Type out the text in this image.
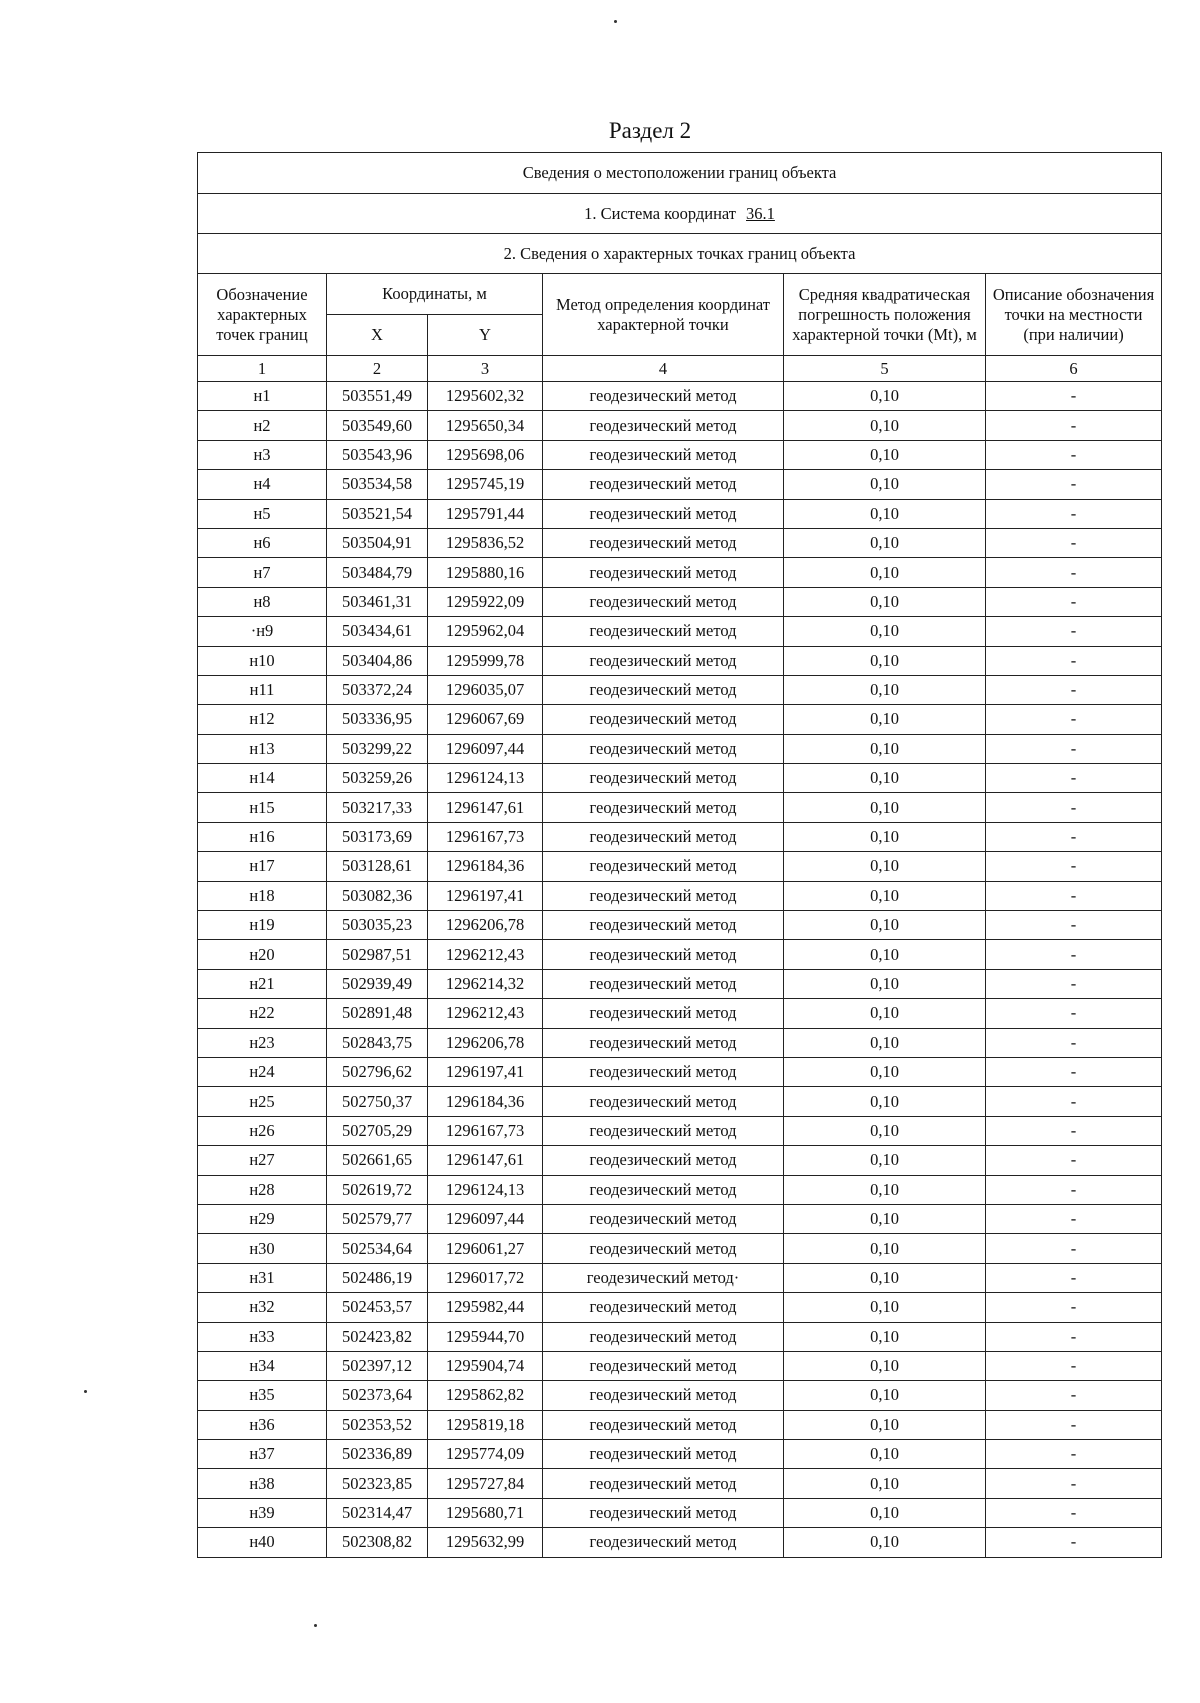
Раздел 2
Сведения о местоположении границ объекта					
1. Система координат 36.1					
2. Сведения о характерных точках границ объекта					
Обозначение характерных точек границ	Координаты, м		Метод определения координат характерной точки	Средняя квадратическая погрешность положения характерной точки (Mt), м	Описание обозначения точки на местности (при наличии)
	X	Y			
1	2	3	4	5	6
н1	503551,49	1295602,32	геодезический метод	0,10	-
н2	503549,60	1295650,34	геодезический метод	0,10	-
н3	503543,96	1295698,06	геодезический метод	0,10	-
н4	503534,58	1295745,19	геодезический метод	0,10	-
н5	503521,54	1295791,44	геодезический метод	0,10	-
н6	503504,91	1295836,52	геодезический метод	0,10	-
н7	503484,79	1295880,16	геодезический метод	0,10	-
н8	503461,31	1295922,09	геодезический метод	0,10	-
·н9	503434,61	1295962,04	геодезический метод	0,10	-
н10	503404,86	1295999,78	геодезический метод	0,10	-
н11	503372,24	1296035,07	геодезический метод	0,10	-
н12	503336,95	1296067,69	геодезический метод	0,10	-
н13	503299,22	1296097,44	геодезический метод	0,10	-
н14	503259,26	1296124,13	геодезический метод	0,10	-
н15	503217,33	1296147,61	геодезический метод	0,10	-
н16	503173,69	1296167,73	геодезический метод	0,10	-
н17	503128,61	1296184,36	геодезический метод	0,10	-
н18	503082,36	1296197,41	геодезический метод	0,10	-
н19	503035,23	1296206,78	геодезический метод	0,10	-
н20	502987,51	1296212,43	геодезический метод	0,10	-
н21	502939,49	1296214,32	геодезический метод	0,10	-
н22	502891,48	1296212,43	геодезический метод	0,10	-
н23	502843,75	1296206,78	геодезический метод	0,10	-
н24	502796,62	1296197,41	геодезический метод	0,10	-
н25	502750,37	1296184,36	геодезический метод	0,10	-
н26	502705,29	1296167,73	геодезический метод	0,10	-
н27	502661,65	1296147,61	геодезический метод	0,10	-
н28	502619,72	1296124,13	геодезический метод	0,10	-
н29	502579,77	1296097,44	геодезический метод	0,10	-
н30	502534,64	1296061,27	геодезический метод	0,10	-
н31	502486,19	1296017,72	геодезический метод·	0,10	-
н32	502453,57	1295982,44	геодезический метод	0,10	-
н33	502423,82	1295944,70	геодезический метод	0,10	-
н34	502397,12	1295904,74	геодезический метод	0,10	-
н35	502373,64	1295862,82	геодезический метод	0,10	-
н36	502353,52	1295819,18	геодезический метод	0,10	-
н37	502336,89	1295774,09	геодезический метод	0,10	-
н38	502323,85	1295727,84	геодезический метод	0,10	-
н39	502314,47	1295680,71	геодезический метод	0,10	-
н40	502308,82	1295632,99	геодезический метод	0,10	-
